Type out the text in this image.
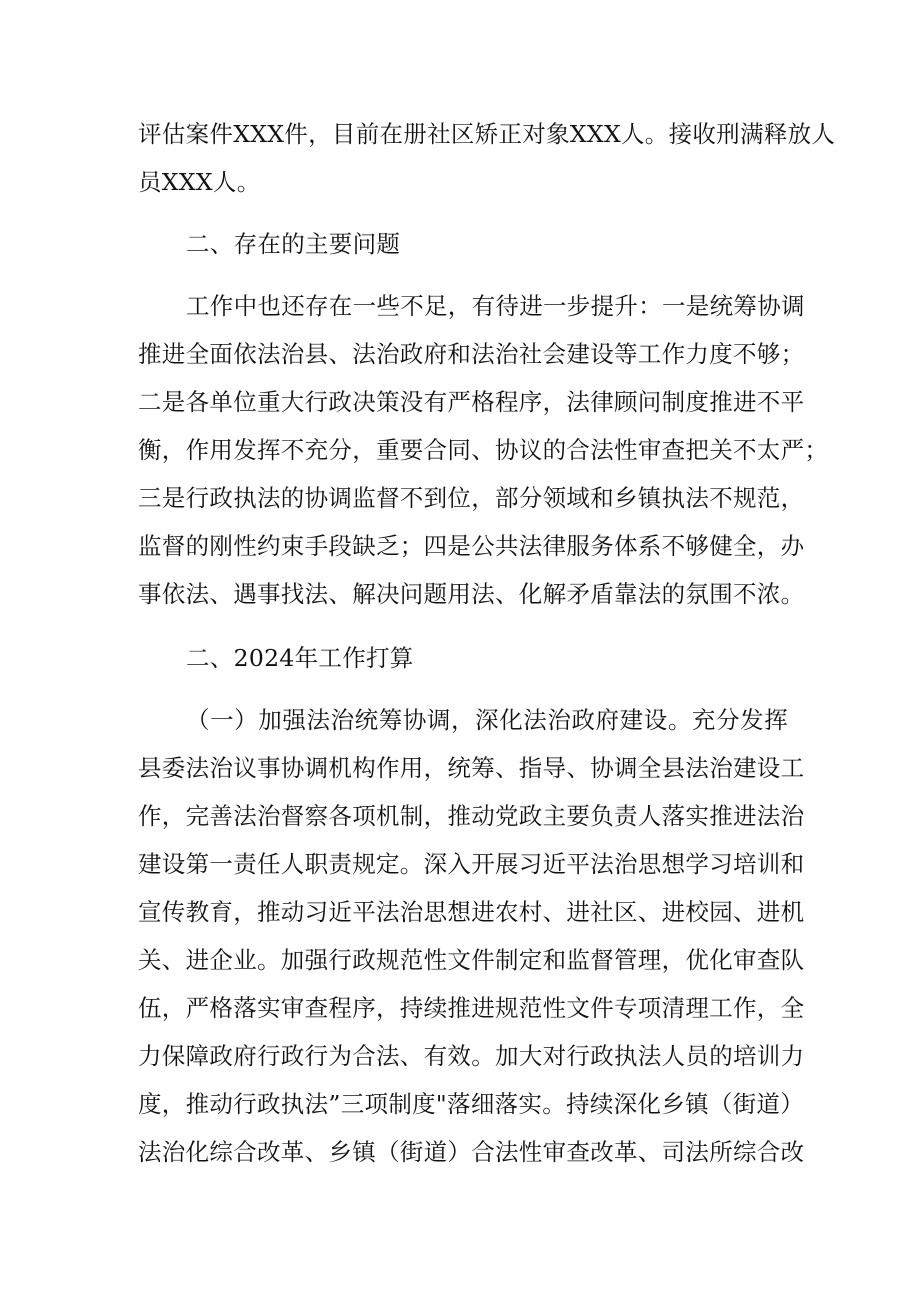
评估案件XXX件，目前在册社区矫正对象XXX人。接收刑满释放人
员XXX人。
二、存在的主要问题
工作中也还存在一些不足，有待进一步提升：一是统筹协调
推进全面依法治县、法治政府和法治社会建设等工作力度不够；
二是各单位重大行政决策没有严格程序，法律顾问制度推进不平
衡，作用发挥不充分，重要合同、协议的合法性审查把关不太严；
三是行政执法的协调监督不到位，部分领域和乡镇执法不规范，
监督的刚性约束手段缺乏；四是公共法律服务体系不够健全，办
事依法、遇事找法、解决问题用法、化解矛盾靠法的氛围不浓。
二、2024年工作打算
（一）加强法治统筹协调，深化法治政府建设。充分发挥
县委法治议事协调机构作用，统筹、指导、协调全县法治建设工
作，完善法治督察各项机制，推动党政主要负责人落实推进法治
建设第一责任人职责规定。深入开展习近平法治思想学习培训和
宣传教育，推动习近平法治思想进农村、进社区、进校园、进机
关、进企业。加强行政规范性文件制定和监督管理，优化审查队
伍，严格落实审查程序，持续推进规范性文件专项清理工作，全
力保障政府行政行为合法、有效。加大对行政执法人员的培训力
度，推动行政执法”三项制度"落细落实。持续深化乡镇（街道）
法治化综合改革、乡镇（街道）合法性审查改革、司法所综合改
